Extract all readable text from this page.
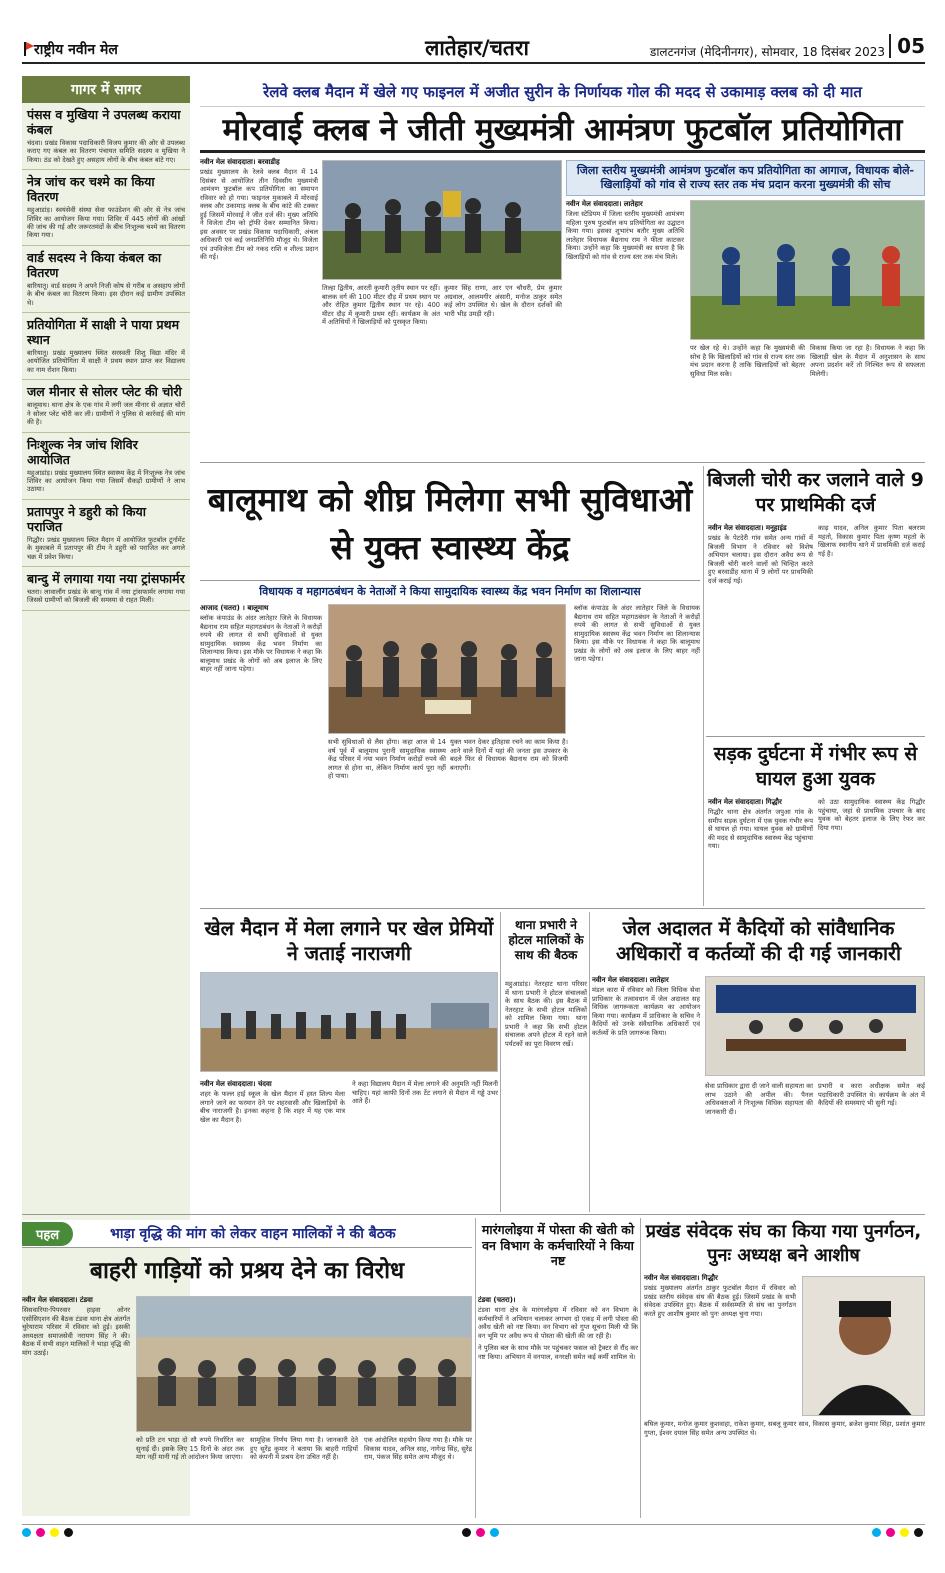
राष्ट्रीय नवीन मेल	लातेहार/चतरा	डालटनगंज (मेदिनीनगर), सोमवार, 18 दिसंबर 2023 05
गागर में सागर
पंसस व मुखिया ने उपलब्ध कराया कंबल
चंदवा। प्रखंड विकास पदाधिकारी विजय कुमार की ओर से उपलब्ध कराए गए कंबल का वितरण पंचायत समिति सदस्य व मुखिया ने किया। ठंड को देखते हुए असहाय लोगों के बीच कंबल बांटे गए।
नेत्र जांच कर चश्मे का किया वितरण
महुआडांड़। स्वयंसेवी संस्था सेवा फाउंडेशन की ओर से नेत्र जांच शिविर का आयोजन किया गया। शिविर में 445 लोगों की आंखों की जांच की गई और जरूरतमंदों के बीच निःशुल्क चश्मे का वितरण किया गया।
वार्ड सदस्य ने किया कंबल का वितरण
बारियातू। वार्ड सदस्य ने अपने निजी कोष से गरीब व असहाय लोगों के बीच कंबल का वितरण किया। इस दौरान कई ग्रामीण उपस्थित थे।
प्रतियोगिता में साक्षी ने पाया प्रथम स्थान
बारियातू। प्रखंड मुख्यालय स्थित सरस्वती शिशु विद्या मंदिर में आयोजित प्रतियोगिता में साक्षी ने प्रथम स्थान प्राप्त कर विद्यालय का नाम रोशन किया।
जल मीनार से सोलर प्लेट की चोरी
बालूमाथ। थाना क्षेत्र के एक गांव में लगी जल मीनार से अज्ञात चोरों ने सोलर प्लेट चोरी कर ली। ग्रामीणों ने पुलिस से कार्रवाई की मांग की है।
निःशुल्क नेत्र जांच शिविर आयोजित
महुआडांड़। प्रखंड मुख्यालय स्थित स्वास्थ्य केंद्र में निःशुल्क नेत्र जांच शिविर का आयोजन किया गया जिसमें सैकड़ों ग्रामीणों ने लाभ उठाया।
प्रतापपुर ने डहुरी को किया पराजित
गिद्धौर। प्रखंड मुख्यालय स्थित मैदान में आयोजित फुटबॉल टूर्नामेंट के मुकाबले में प्रतापपुर की टीम ने डहुरी को पराजित कर अगले चक्र में प्रवेश किया।
बान्दु में लगाया गया नया ट्रांसफार्मर
चतरा। लावालौंग प्रखंड के बान्दु गांव में नया ट्रांसफार्मर लगाया गया जिससे ग्रामीणों को बिजली की समस्या से राहत मिली।
रेलवे क्लब मैदान में खेले गए फाइनल में अजीत सुरीन के निर्णायक गोल की मदद से उकामाड़ क्लब को दी मात
मोरवाई क्लब ने जीती मुख्यमंत्री आमंत्रण फुटबॉल प्रतियोगिता
नवीन मेल संवाददाता। बरवाडीह
प्रखंड मुख्यालय के रेलवे क्लब मैदान में 14 दिसंबर से आयोजित तीन दिवसीय मुख्यमंत्री आमंत्रण फुटबॉल कप प्रतियोगिता का समापन रविवार को हो गया। फाइनल मुकाबले में मोरवाई क्लब और उकामाड़ क्लब के बीच कांटे की टक्कर हुई जिसमें मोरवाई ने जीत दर्ज की। मुख्य अतिथि ने विजेता टीम को ट्रॉफी देकर सम्मानित किया। इस अवसर पर प्रखंड विकास पदाधिकारी, अंचल अधिकारी एवं कई जनप्रतिनिधि मौजूद थे। विजेता एवं उपविजेता टीम को नकद राशि व शील्ड प्रदान की गई।
तिल्हा द्वितीय, आरती कुमारी तृतीय स्थान पर रहीं। बालक वर्ग की 100 मीटर दौड़ में प्रथम स्थान पर और रोहित कुमार द्वितीय स्थान पर रहे। 400 मीटर दौड़ में कुमारी प्रथम रहीं। कार्यक्रम के अंत में अतिथियों ने खिलाड़ियों को पुरस्कृत किया।
कुमार सिंह राणा, आर एन चौधरी, प्रेम कुमार अग्रवाल, आलमगीर अंसारी, मनोज ठाकुर समेत कई लोग उपस्थित थे। खेल के दौरान दर्शकों की भारी भीड़ उमड़ी रही।
जिला स्तरीय मुख्यमंत्री आमंत्रण फुटबॉल कप प्रतियोगिता का आगाज, विधायक बोले-खिलाड़ियों को गांव से राज्य स्तर तक मंच प्रदान करना मुख्यमंत्री की सोच
नवीन मेल संवाददाता। लातेहार
जिला स्टेडियम में जिला स्तरीय मुख्यमंत्री आमंत्रण महिला पुरुष फुटबॉल कप प्रतियोगिता का उद्घाटन किया गया। इसका शुभारंभ बतौर मुख्य अतिथि लातेहार विधायक बैद्यनाथ राम ने फीता काटकर किया। उन्होंने कहा कि मुख्यमंत्री का सपना है कि खिलाड़ियों को गांव से राज्य स्तर तक मंच मिले।
पर खेल रहे थे। उन्होंने कहा कि मुख्यमंत्री की सोच है कि खिलाड़ियों को गांव से राज्य स्तर तक मंच प्रदान करना है ताकि खिलाड़ियों को बेहतर सुविधा मिल सके।
विकास किया जा रहा है। विधायक ने कहा कि खिलाड़ी खेल के मैदान में अनुशासन के साथ अपना प्रदर्शन करें तो निश्चित रूप से सफलता मिलेगी।
बालूमाथ को शीघ्र मिलेगा सभी सुविधाओं से युक्त स्वास्थ्य केंद्र
विधायक व महागठबंधन के नेताओं ने किया सामुदायिक स्वास्थ्य केंद्र भवन निर्माण का शिलान्यास
आजाद (चतरा) । बालूमाथ
ब्लॉक कंपाउंड के अंदर लातेहार जिले के विधायक बैद्यनाथ राम सहित महागठबंधन के नेताओं ने करोड़ों रुपये की लागत से सभी सुविधाओं से युक्त सामुदायिक स्वास्थ्य केंद्र भवन निर्माण का शिलान्यास किया। इस मौके पर विधायक ने कहा कि बालूमाथ प्रखंड के लोगों को अब इलाज के लिए बाहर नहीं जाना पड़ेगा।
सभी सुविधाओं से लैस होगा। कहा आज से 14 वर्ष पूर्व में बालूमाथ पुरानी सामुदायिक स्वास्थ्य केंद्र परिसर में नया भवन निर्माण करोड़ों रुपये की लागत से होना था, लेकिन निर्माण कार्य पूरा नहीं हो पाया।
युक्त भवन देकर इतिहास रचने का काम किया है। आने वाले दिनों में यहां की जनता इस उपकार के बदले फिर से विधायक बैद्यनाथ राम को विजयी बनाएगी।
ब्लॉक कंपाउंड के अंदर लातेहार जिले के विधायक बैद्यनाथ राम सहित महागठबंधन के नेताओं ने करोड़ों रुपये की लागत से सभी सुविधाओं से युक्त सामुदायिक स्वास्थ्य केंद्र भवन निर्माण का शिलान्यास किया। इस मौके पर विधायक ने कहा कि बालूमाथ प्रखंड के लोगों को अब इलाज के लिए बाहर नहीं जाना पड़ेगा।
बिजली चोरी कर जलाने वाले 9 पर प्राथमिकी दर्ज
नवीन मेल संवाददाता। मनूहाइंड
प्रखंड के पेटदेरी गांव समेत अन्य गांवों में बिजली विभाग ने रविवार को विशेष अभियान चलाया। इस दौरान अवैध रूप से बिजली चोरी करने वालों को चिन्हित करते हुए बरवाडीह थाना में 9 लोगों पर प्राथमिकी दर्ज कराई गई।
काढ़ यादव, अनिल कुमार पिता बलराम महतो, विकास कुमार पिता कृष्ण महतो के खिलाफ स्थानीय थाने में प्राथमिकी दर्ज कराई गई है।
सड़क दुर्घटना में गंभीर रूप से घायल हुआ युवक
नवीन मेल संवाददाता। गिद्धौर
गिद्धौर थाना क्षेत्र अंतर्गत जपुआ गांव के समीप सड़क दुर्घटना में एक युवक गंभीर रूप से घायल हो गया। घायल युवक को ग्रामीणों की मदद से सामुदायिक स्वास्थ्य केंद्र पहुंचाया गया।
को उठा सामुदायिक स्वास्थ्य केंद्र गिद्धौर पहुंचाया, जहां से प्राथमिक उपचार के बाद युवक को बेहतर इलाज के लिए रेफर कर दिया गया।
खेल मैदान में मेला लगाने पर खेल प्रेमियों ने जताई नाराजगी
नवीन मेल संवाददाता। चंदवा
शहर के फल्ल हाई स्कूल के खेल मैदान में हस्त शिल्प मेला लगाने जाने का फरमान देने पर शहरवासी और खिलाड़ियों के बीच नाराजगी है। इनका कहना है कि शहर में यह एक मात्र खेल का मैदान है।
ने कहा विद्यालय मैदान में मेला लगाने की अनुमति नहीं मिलनी चाहिए। यहां काफी दिनों तक टेंट लगाने से मैदान में गड्ढे उभर आते हैं।
थाना प्रभारी ने होटल मालिकों के साथ की बैठक
महुआडांड़। नेतरहाट थाना परिसर में थाना प्रभारी ने होटल संचालकों के साथ बैठक की। इस बैठक में नेतरहाट के सभी होटल मालिकों को शामिल किया गया। थाना प्रभारी ने कहा कि सभी होटल संचालक अपने होटल में रहने वाले पर्यटकों का पूरा विवरण रखें।
जेल अदालत में कैदियों को सांवैधानिक अधिकारों व कर्तव्यों की दी गई जानकारी
नवीन मेल संवाददाता। लातेहार
मंडल कारा में रविवार को जिला विधिक सेवा प्राधिकार के तत्वावधान में जेल अदालत सह विधिक जागरूकता कार्यक्रम का आयोजन किया गया। कार्यक्रम में प्राधिकार के सचिव ने कैदियों को उनके संवैधानिक अधिकारों एवं कर्तव्यों के प्रति जागरूक किया।
सेवा प्राधिकार द्वारा दी जाने वाली सहायता का लाभ उठाने की अपील की। पैनल अधिवक्ताओं ने निःशुल्क विधिक सहायता की जानकारी दी।
प्रभारी व कारा अधीक्षक समेत कई पदाधिकारी उपस्थित थे। कार्यक्रम के अंत में कैदियों की समस्याएं भी सुनी गईं।
पहल	भाड़ा वृद्धि की मांग को लेकर वाहन मालिकों ने की बैठक
बाहरी गाड़ियों को प्रश्रय देने का विरोध
नवीन मेल संवाददाता। टंडवा
सिसवारिया-पिपरवार हाइवा ओनर एसोसिएशन की बैठक टंडवा थाना क्षेत्र अंतर्गत चुरेयाराम परिसर में रविवार को हुई। इसकी अध्यक्षता समाजसेवी नरायण सिंह ने की। बैठक में सभी वाहन मालिकों ने भाड़ा वृद्धि की मांग उठाई।
को प्रति टन भाड़ा दो सौ रुपये निर्धारित कर सुनाई दी। इसके लिए 15 दिनों के अंदर तक मांग नहीं मानी गई तो आंदोलन किया जाएगा।
सामूहिक निर्णय लिया गया है। जानकारी देते हुए सुरेंद्र कुमार ने बताया कि बाहरी गाड़ियों को कंपनी में प्रश्रय देना उचित नहीं है।
एक आंदोलित सहयोग किया गया है। मौके पर विकास यादव, अनिल साह, नागेन्द्र सिंह, सुरेंद्र राम, पंकज सिंह समेत अन्य मौजूद थे।
मारंगलोइया में पोस्ता की खेती को वन विभाग के कर्मचारियों ने किया नष्ट
टंडवा (चतरा)।
टंडवा थाना क्षेत्र के मारंगलोइया में रविवार को वन विभाग के कर्मचारियों ने अभियान चलाकर लगभग दो एकड़ में लगी पोस्ता की अवैध खेती को नष्ट किया। वन विभाग को गुप्त सूचना मिली थी कि वन भूमि पर अवैध रूप से पोस्ता की खेती की जा रही है।
ने पुलिस बल के साथ मौके पर पहुंचकर फसल को ट्रैक्टर से रौंद कर नष्ट किया। अभियान में वनपाल, वनरक्षी समेत कई कर्मी शामिल थे।
प्रखंड संवेदक संघ का किया गया पुनर्गठन, पुनः अध्यक्ष बने आशीष
नवीन मेल संवाददाता। गिद्धौर
प्रखंड मुख्यालय अंतर्गत ठाकुर फुटबॉल मैदान में रविवार को प्रखंड स्तरीय संवेदक संघ की बैठक हुई। जिसमें प्रखंड के सभी संवेदक उपस्थित हुए। बैठक में सर्वसम्मति से संघ का पुनर्गठन करते हुए आशीष कुमार को पुनः अध्यक्ष चुना गया।
बघिल कुमार, मनोज कुमार कुशवाहा, राकेश कुमार, सबलू कुमार साव, विकास कुमार, ब्रजेश कुमार सिंहा, प्रशांत कुमार गुप्ता, ईश्वर दयाल सिंह समेत अन्य उपस्थित थे।
